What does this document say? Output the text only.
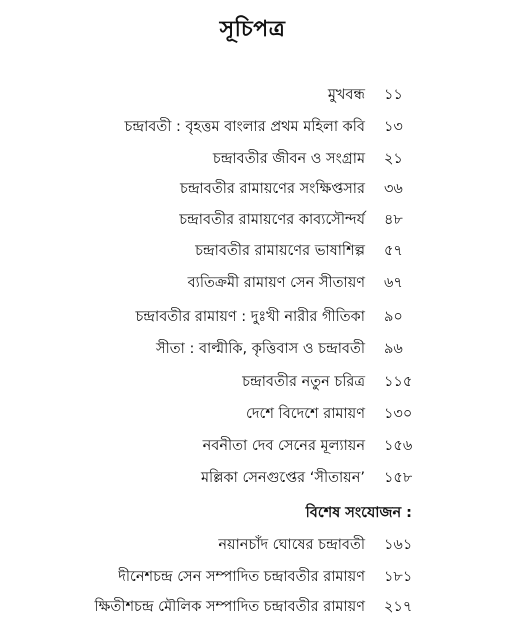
সূচিপত্র
মুখবন্ধ ১১
চন্দ্রাবতী : বৃহত্তম বাংলার প্রথম মহিলা কবি ১৩
চন্দ্রাবতীর জীবন ও সংগ্রাম ২১
চন্দ্রাবতীর রামায়ণের সংক্ষিপ্তসার ৩৬
চন্দ্রাবতীর রামায়ণের কাব্যসৌন্দর্য ৪৮
চন্দ্রাবতীর রামায়ণের ভাষাশিল্প ৫৭
ব্যতিক্রমী রামায়ণ সেন সীতায়ণ ৬৭
চন্দ্রাবতীর রামায়ণ : দুঃখী নারীর গীতিকা ৯০
সীতা : বাল্মীকি, কৃত্তিবাস ও চন্দ্রাবতী ৯৬
চন্দ্রাবতীর নতুন চরিত্র ১১৫
দেশে বিদেশে রামায়ণ ১৩০
নবনীতা দেব সেনের মূল্যায়ন ১৫৬
মল্লিকা সেনগুপ্তের ‘সীতায়ন’ ১৫৮
বিশেষ সংযোজন :
নয়ানচাঁদ ঘোষের চন্দ্রাবতী ১৬১
দীনেশচন্দ্র সেন সম্পাদিত চন্দ্রাবতীর রামায়ণ ১৮১
ক্ষিতীশচন্দ্র মৌলিক সম্পাদিত চন্দ্রাবতীর রামায়ণ ২১৭
